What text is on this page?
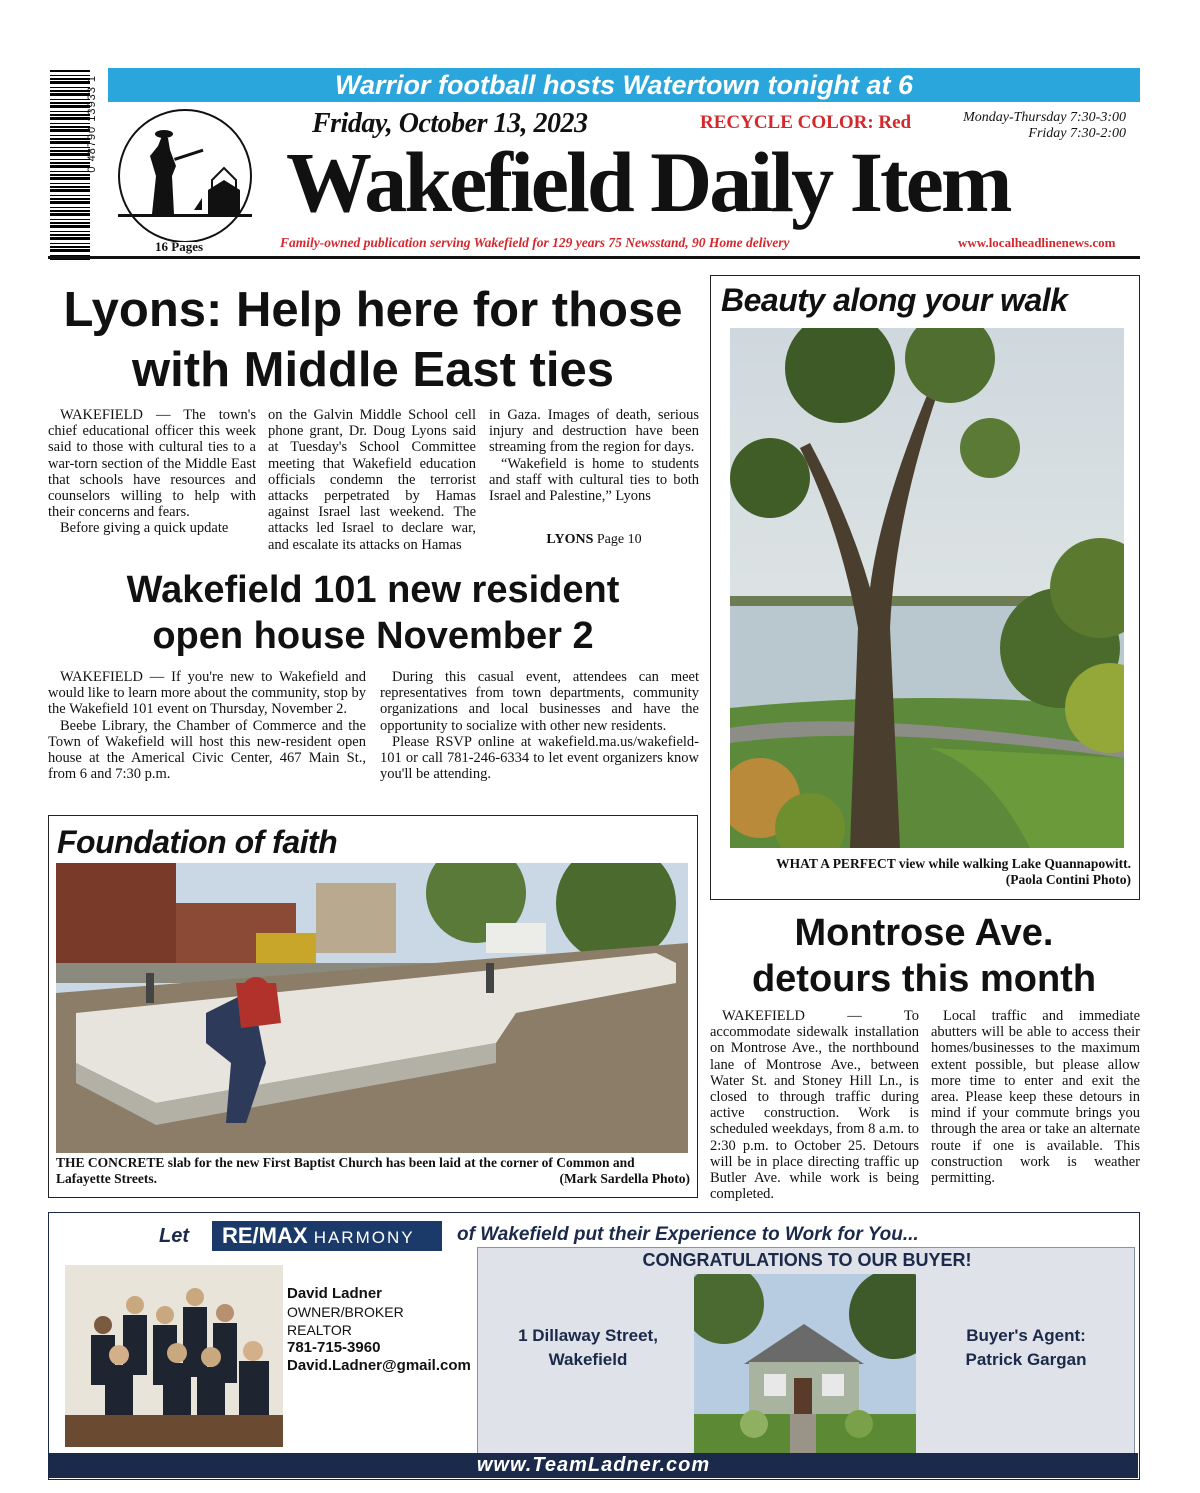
Warrior football hosts Watertown tonight at 6
0 48790 13933 1
16 Pages
Friday, October 13, 2023	RECYCLE COLOR: Red	Monday-Thursday 7:30-3:00
Friday 7:30-2:00
Wakefield Daily Item
Family-owned publication serving Wakefield for 129 years 75 Newsstand, 90 Home delivery	www.localheadlinenews.com
Lyons: Help here for those
with Middle East ties

WAKEFIELD — The town's chief educational officer this week said to those with cultural ties to a war-torn section of the Middle East that schools have resources and counselors willing to help with their concerns and fears.

Before giving a quick update

on the Galvin Middle School cell phone grant, Dr. Doug Lyons said at Tuesday's School Committee meeting that Wakefield education officials condemn the terrorist attacks perpetrated by Hamas against Israel last weekend. The attacks led Israel to declare war, and escalate its attacks on Hamas

in Gaza. Images of death, serious injury and destruction have been streaming from the region for days.

“Wakefield is home to students and staff with cultural ties to both Israel and Palestine,” Lyons

LYONS Page 10
Wakefield 101 new resident
open house November 2

WAKEFIELD — If you're new to Wakefield and would like to learn more about the community, stop by the Wakefield 101 event on Thursday, November 2.

Beebe Library, the Chamber of Commerce and the Town of Wakefield will host this new-resident open house at the Americal Civic Center, 467 Main St., from 6 and 7:30 p.m.

During this casual event, attendees can meet representatives from town departments, community organizations and local businesses and have the opportunity to socialize with other new residents.

Please RSVP online at wakefield.ma.us/wakefield-101 or call 781-246-6334 to let event organizers know you'll be attending.

Beauty along your walk
WHAT A PERFECT view while walking Lake Quannapowitt.
(Paola Contini Photo)
Foundation of faith
THE CONCRETE slab for the new First Baptist Church has been laid at the corner of Common and Lafayette Streets.	(Mark Sardella Photo)
Montrose Ave.
detours this month

WAKEFIELD — To accommodate sidewalk installation on Montrose Ave., the northbound lane of Montrose Ave., between Water St. and Stoney Hill Ln., is closed to through traffic during active construction. Work is scheduled weekdays, from 8 a.m. to 2:30 p.m. to October 25. Detours will be in place directing traffic up Butler Ave. while work is being completed.

Local traffic and immediate abutters will be able to access their homes/businesses to the maximum extent possible, but please allow more time to enter and exit the area. Please keep these detours in mind if your commute brings you through the area or take an alternate route if one is available. This construction work is weather permitting.

Let	RE/MAX HARMONY	of Wakefield put their Experience to Work for You...
David Ladner
OWNER/BROKER
REALTOR
781-715-3960
David.Ladner@gmail.com
CONGRATULATIONS TO OUR BUYER!
1 Dillaway Street,
Wakefield
Buyer's Agent:
Patrick Gargan
www.TeamLadner.com
